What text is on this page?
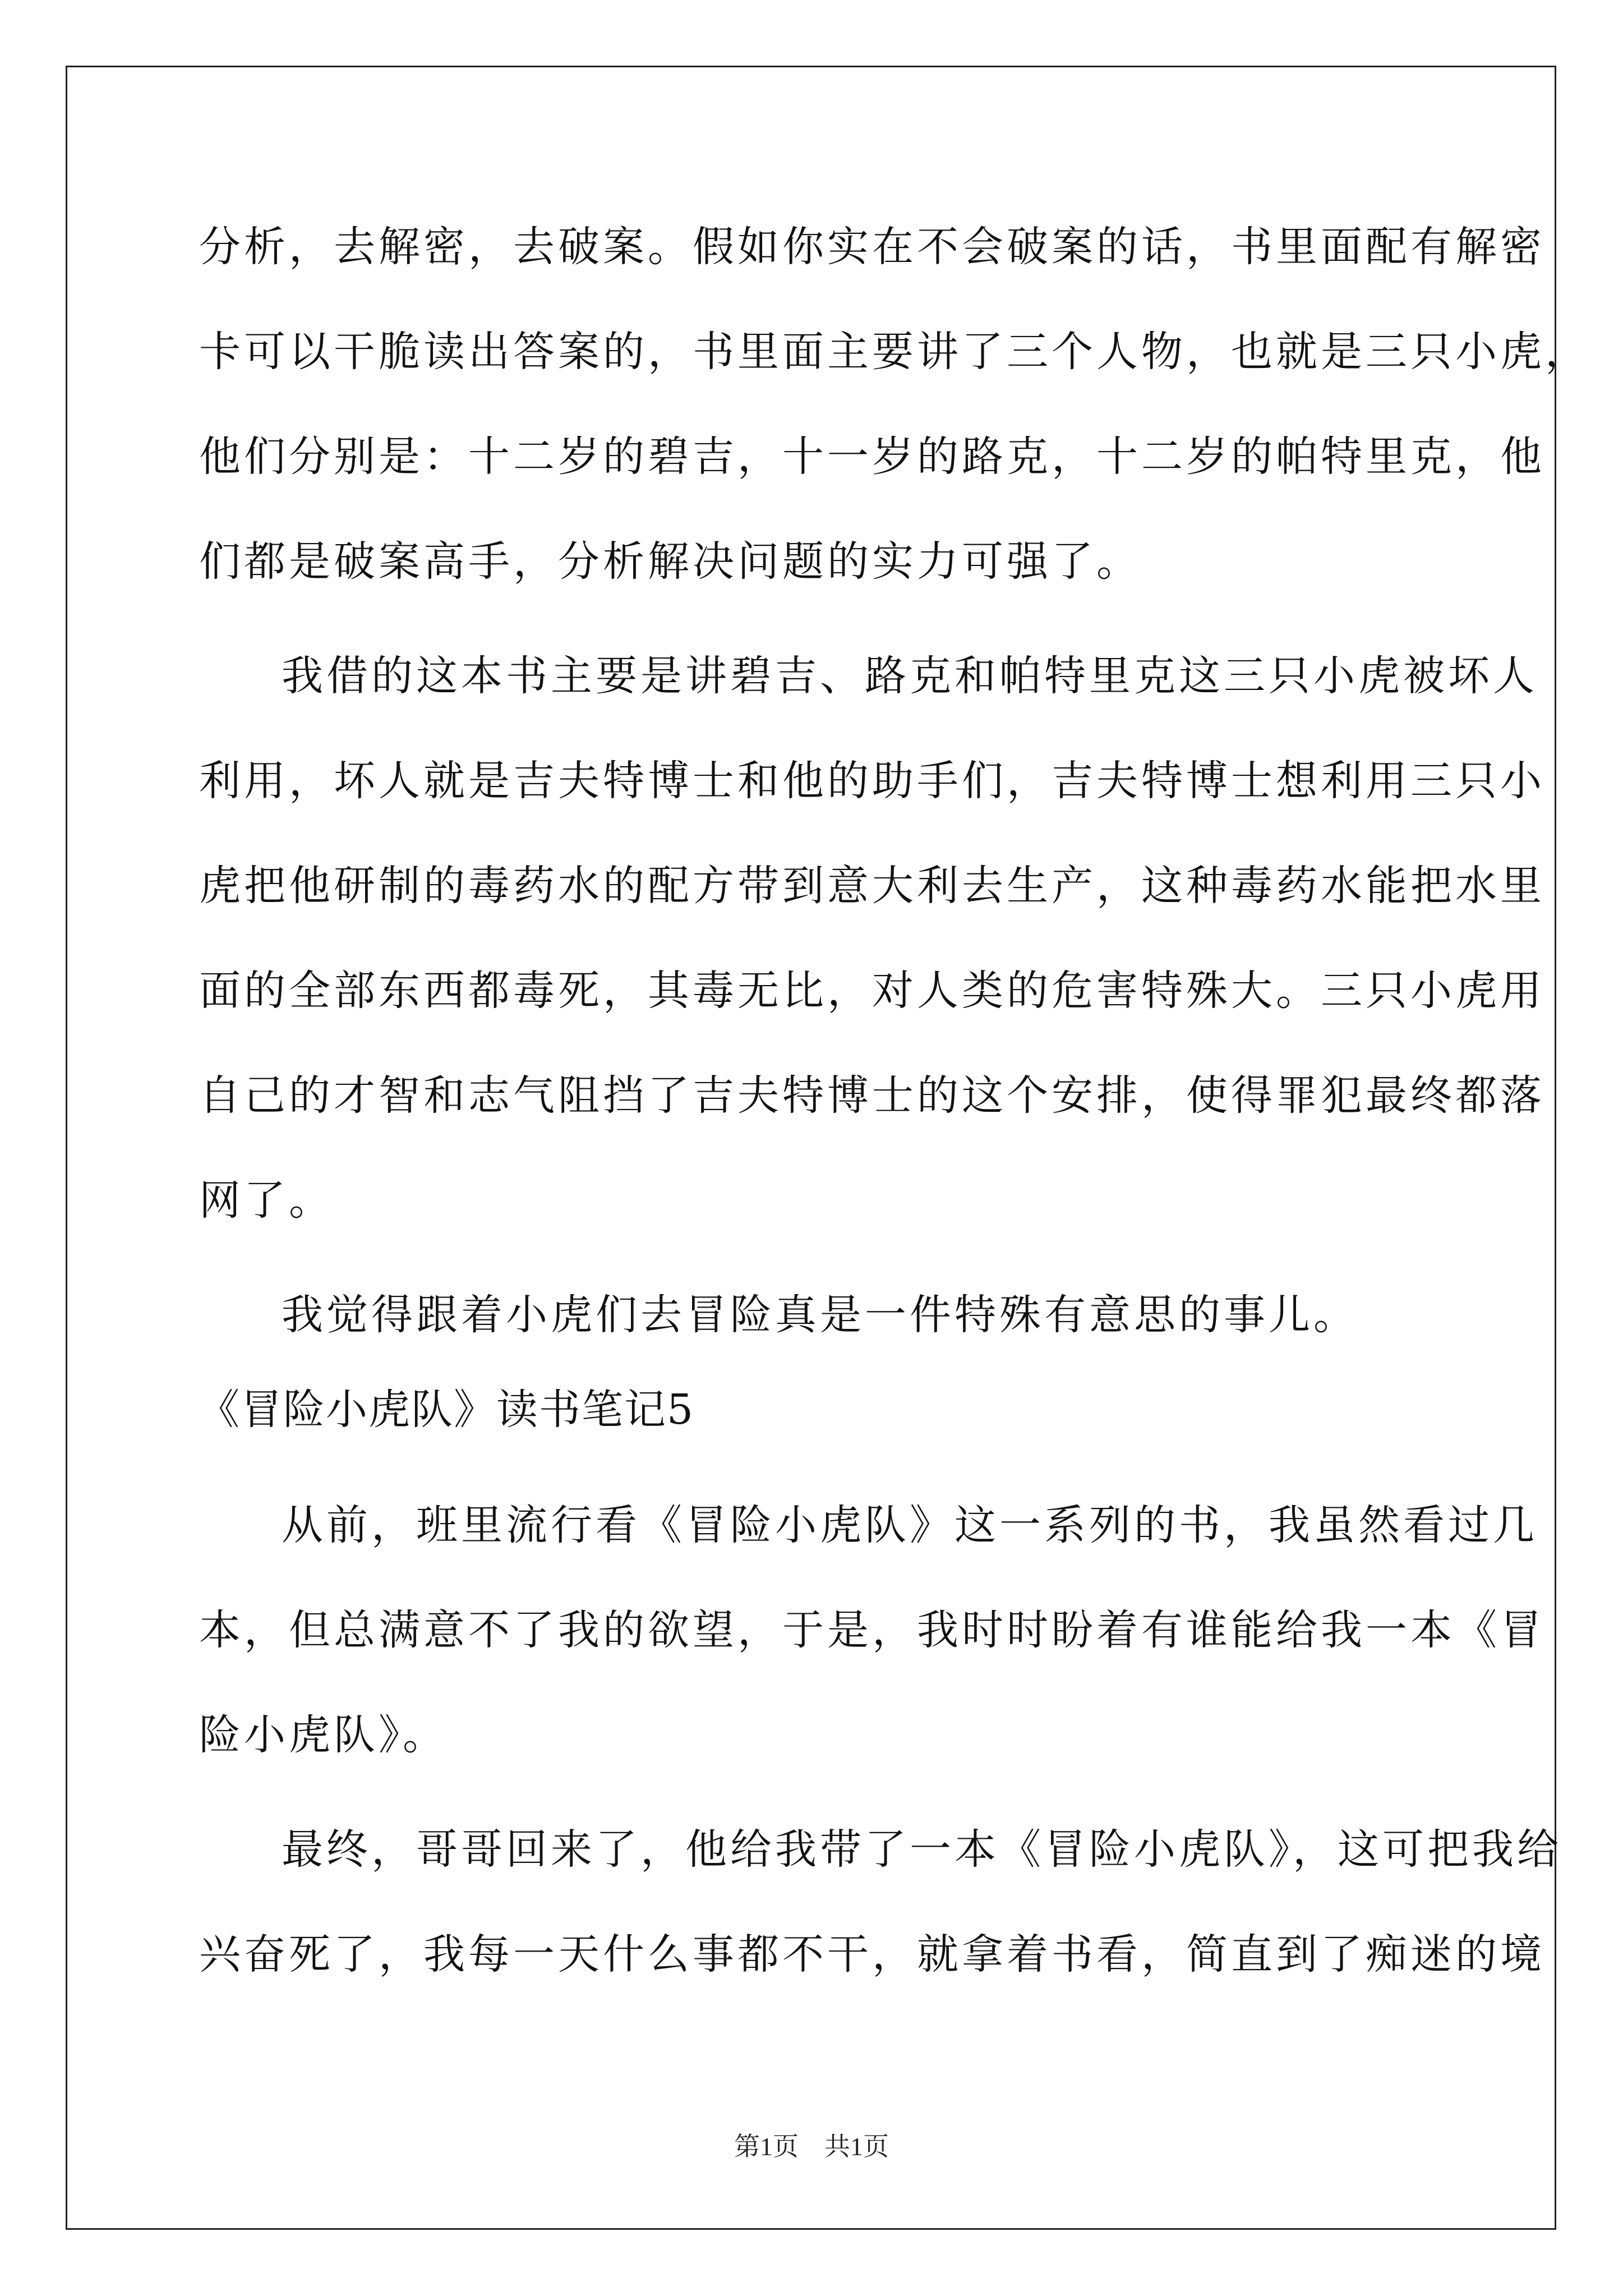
分析，去解密，去破案。假如你实在不会破案的话，书里面配有解密
卡可以干脆读出答案的，书里面主要讲了三个人物，也就是三只小虎，
他们分别是：十二岁的碧吉，十一岁的路克，十二岁的帕特里克，他
们都是破案高手，分析解决问题的实力可强了。
我借的这本书主要是讲碧吉、路克和帕特里克这三只小虎被坏人
利用，坏人就是吉夫特博士和他的助手们，吉夫特博士想利用三只小
虎把他研制的毒药水的配方带到意大利去生产，这种毒药水能把水里
面的全部东西都毒死，其毒无比，对人类的危害特殊大。三只小虎用
自己的才智和志气阻挡了吉夫特博士的这个安排，使得罪犯最终都落
网了。
我觉得跟着小虎们去冒险真是一件特殊有意思的事儿。
《冒险小虎队》读书笔记5
从前，班里流行看《冒险小虎队》这一系列的书，我虽然看过几
本，但总满意不了我的欲望，于是，我时时盼着有谁能给我一本《冒
险小虎队》。
最终，哥哥回来了，他给我带了一本《冒险小虎队》，这可把我给
兴奋死了，我每一天什么事都不干，就拿着书看，简直到了痴迷的境
第1页　共1页
